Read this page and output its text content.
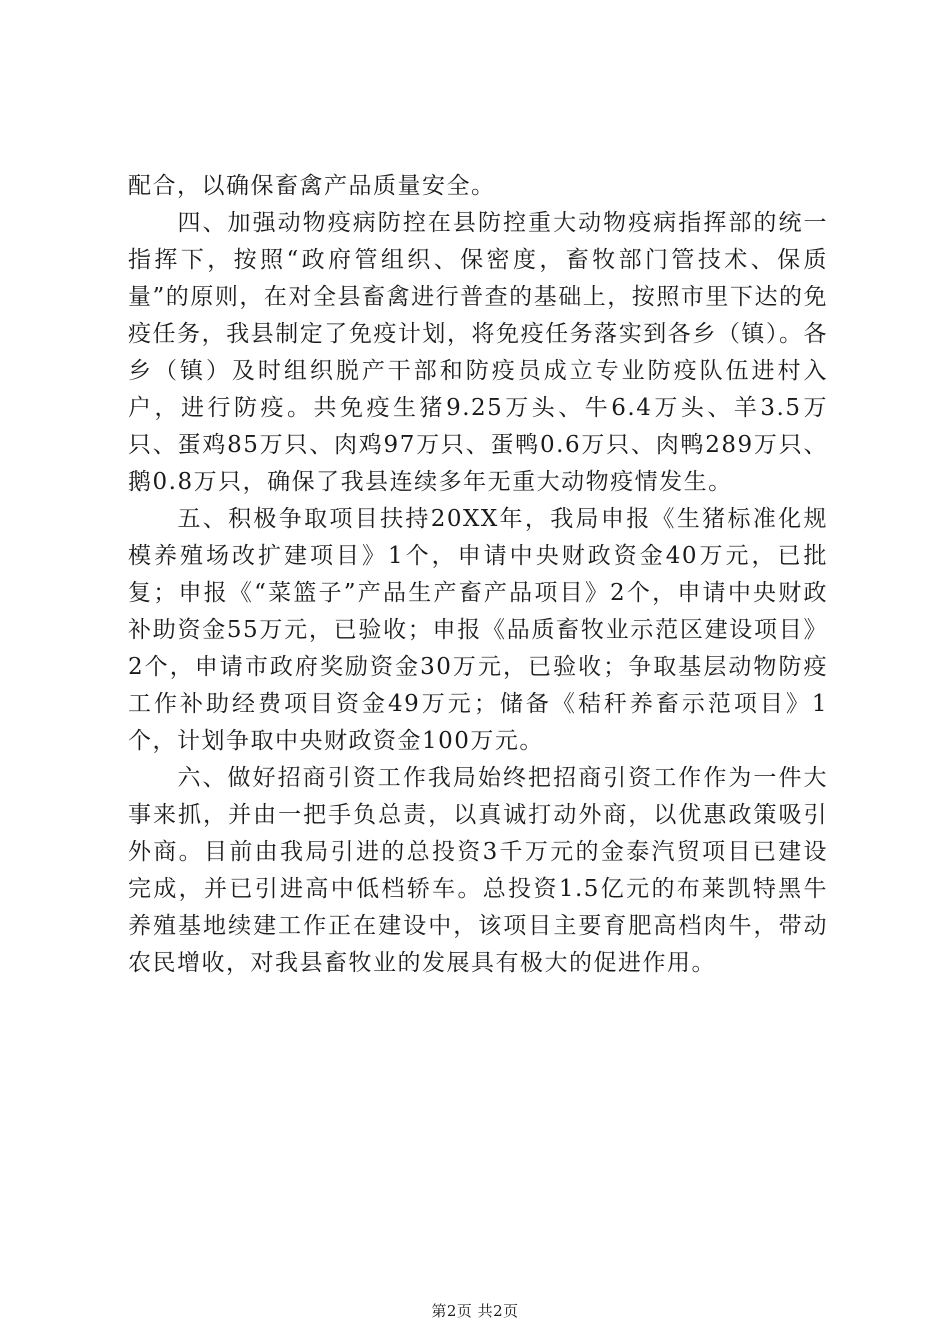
配合，以确保畜禽产品质量安全。

四、加强动物疫病防控在县防控重大动物疫病指挥部的统一指挥下，按照“政府管组织、保密度，畜牧部门管技术、保质量”的原则，在对全县畜禽进行普查的基础上，按照市里下达的免疫任务，我县制定了免疫计划，将免疫任务落实到各乡（镇）。各乡（镇）及时组织脱产干部和防疫员成立专业防疫队伍进村入户，进行防疫。共免疫生猪9.25万头、牛6.4万头、羊3.5万只、蛋鸡85万只、肉鸡97万只、蛋鸭0.6万只、肉鸭289万只、鹅0.8万只，确保了我县连续多年无重大动物疫情发生。

五、积极争取项目扶持20XX年，我局申报《生猪标准化规模养殖场改扩建项目》1个，申请中央财政资金40万元，已批复；申报《“菜篮子”产品生产畜产品项目》2个，申请中央财政补助资金55万元，已验收；申报《品质畜牧业示范区建设项目》2个，申请市政府奖励资金30万元，已验收；争取基层动物防疫工作补助经费项目资金49万元；储备《秸秆养畜示范项目》1个，计划争取中央财政资金100万元。

六、做好招商引资工作我局始终把招商引资工作作为一件大事来抓，并由一把手负总责，以真诚打动外商，以优惠政策吸引外商。目前由我局引进的总投资3千万元的金泰汽贸项目已建设完成，并已引进高中低档轿车。总投资1.5亿元的布莱凯特黑牛养殖基地续建工作正在建设中，该项目主要育肥高档肉牛，带动农民增收，对我县畜牧业的发展具有极大的促进作用。

第2页 共2页
